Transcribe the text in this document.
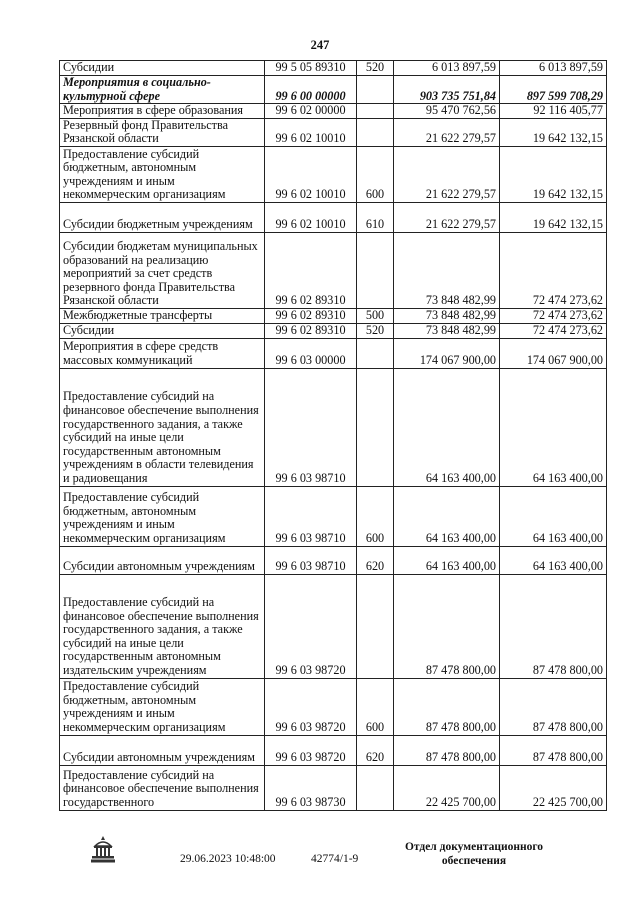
247
Субсидии	99 5 05 89310	520	6 013 897,59	6 013 897,59
Мероприятия в социально-культурной сфере	99 6 00 00000		903 735 751,84	897 599 708,29
Мероприятия в сфере образования	99 6 02 00000		95 470 762,56	92 116 405,77
Резервный фонд Правительства Рязанской области	99 6 02 10010		21 622 279,57	19 642 132,15
Предоставление субсидий бюджетным, автономным учреждениям и иным некоммерческим организациям	99 6 02 10010	600	21 622 279,57	19 642 132,15
Субсидии бюджетным учреждениям	99 6 02 10010	610	21 622 279,57	19 642 132,15
Субсидии бюджетам муниципальных образований на реализацию мероприятий за счет средств резервного фонда Правительства Рязанской области	99 6 02 89310		73 848 482,99	72 474 273,62
Межбюджетные трансферты	99 6 02 89310	500	73 848 482,99	72 474 273,62
Субсидии	99 6 02 89310	520	73 848 482,99	72 474 273,62
Мероприятия в сфере средств массовых коммуникаций	99 6 03 00000		174 067 900,00	174 067 900,00
Предоставление субсидий на финансовое обеспечение выполнения государственного задания, а также субсидий на иные цели государственным автономным учреждениям в области телевидения и радиовещания	99 6 03 98710		64 163 400,00	64 163 400,00
Предоставление субсидий бюджетным, автономным учреждениям и иным некоммерческим организациям	99 6 03 98710	600	64 163 400,00	64 163 400,00
Субсидии автономным учреждениям	99 6 03 98710	620	64 163 400,00	64 163 400,00
Предоставление субсидий на финансовое обеспечение выполнения государственного задания, а также субсидий на иные цели государственным автономным издательским учреждениям	99 6 03 98720		87 478 800,00	87 478 800,00
Предоставление субсидий бюджетным, автономным учреждениям и иным некоммерческим организациям	99 6 03 98720	600	87 478 800,00	87 478 800,00
Субсидии автономным учреждениям	99 6 03 98720	620	87 478 800,00	87 478 800,00
Предоставление субсидий на финансовое обеспечение выполнения государственного	99 6 03 98730		22 425 700,00	22 425 700,00
29.06.2023 10:48:00	42774/1-9
Отдел документационного обеспечения
